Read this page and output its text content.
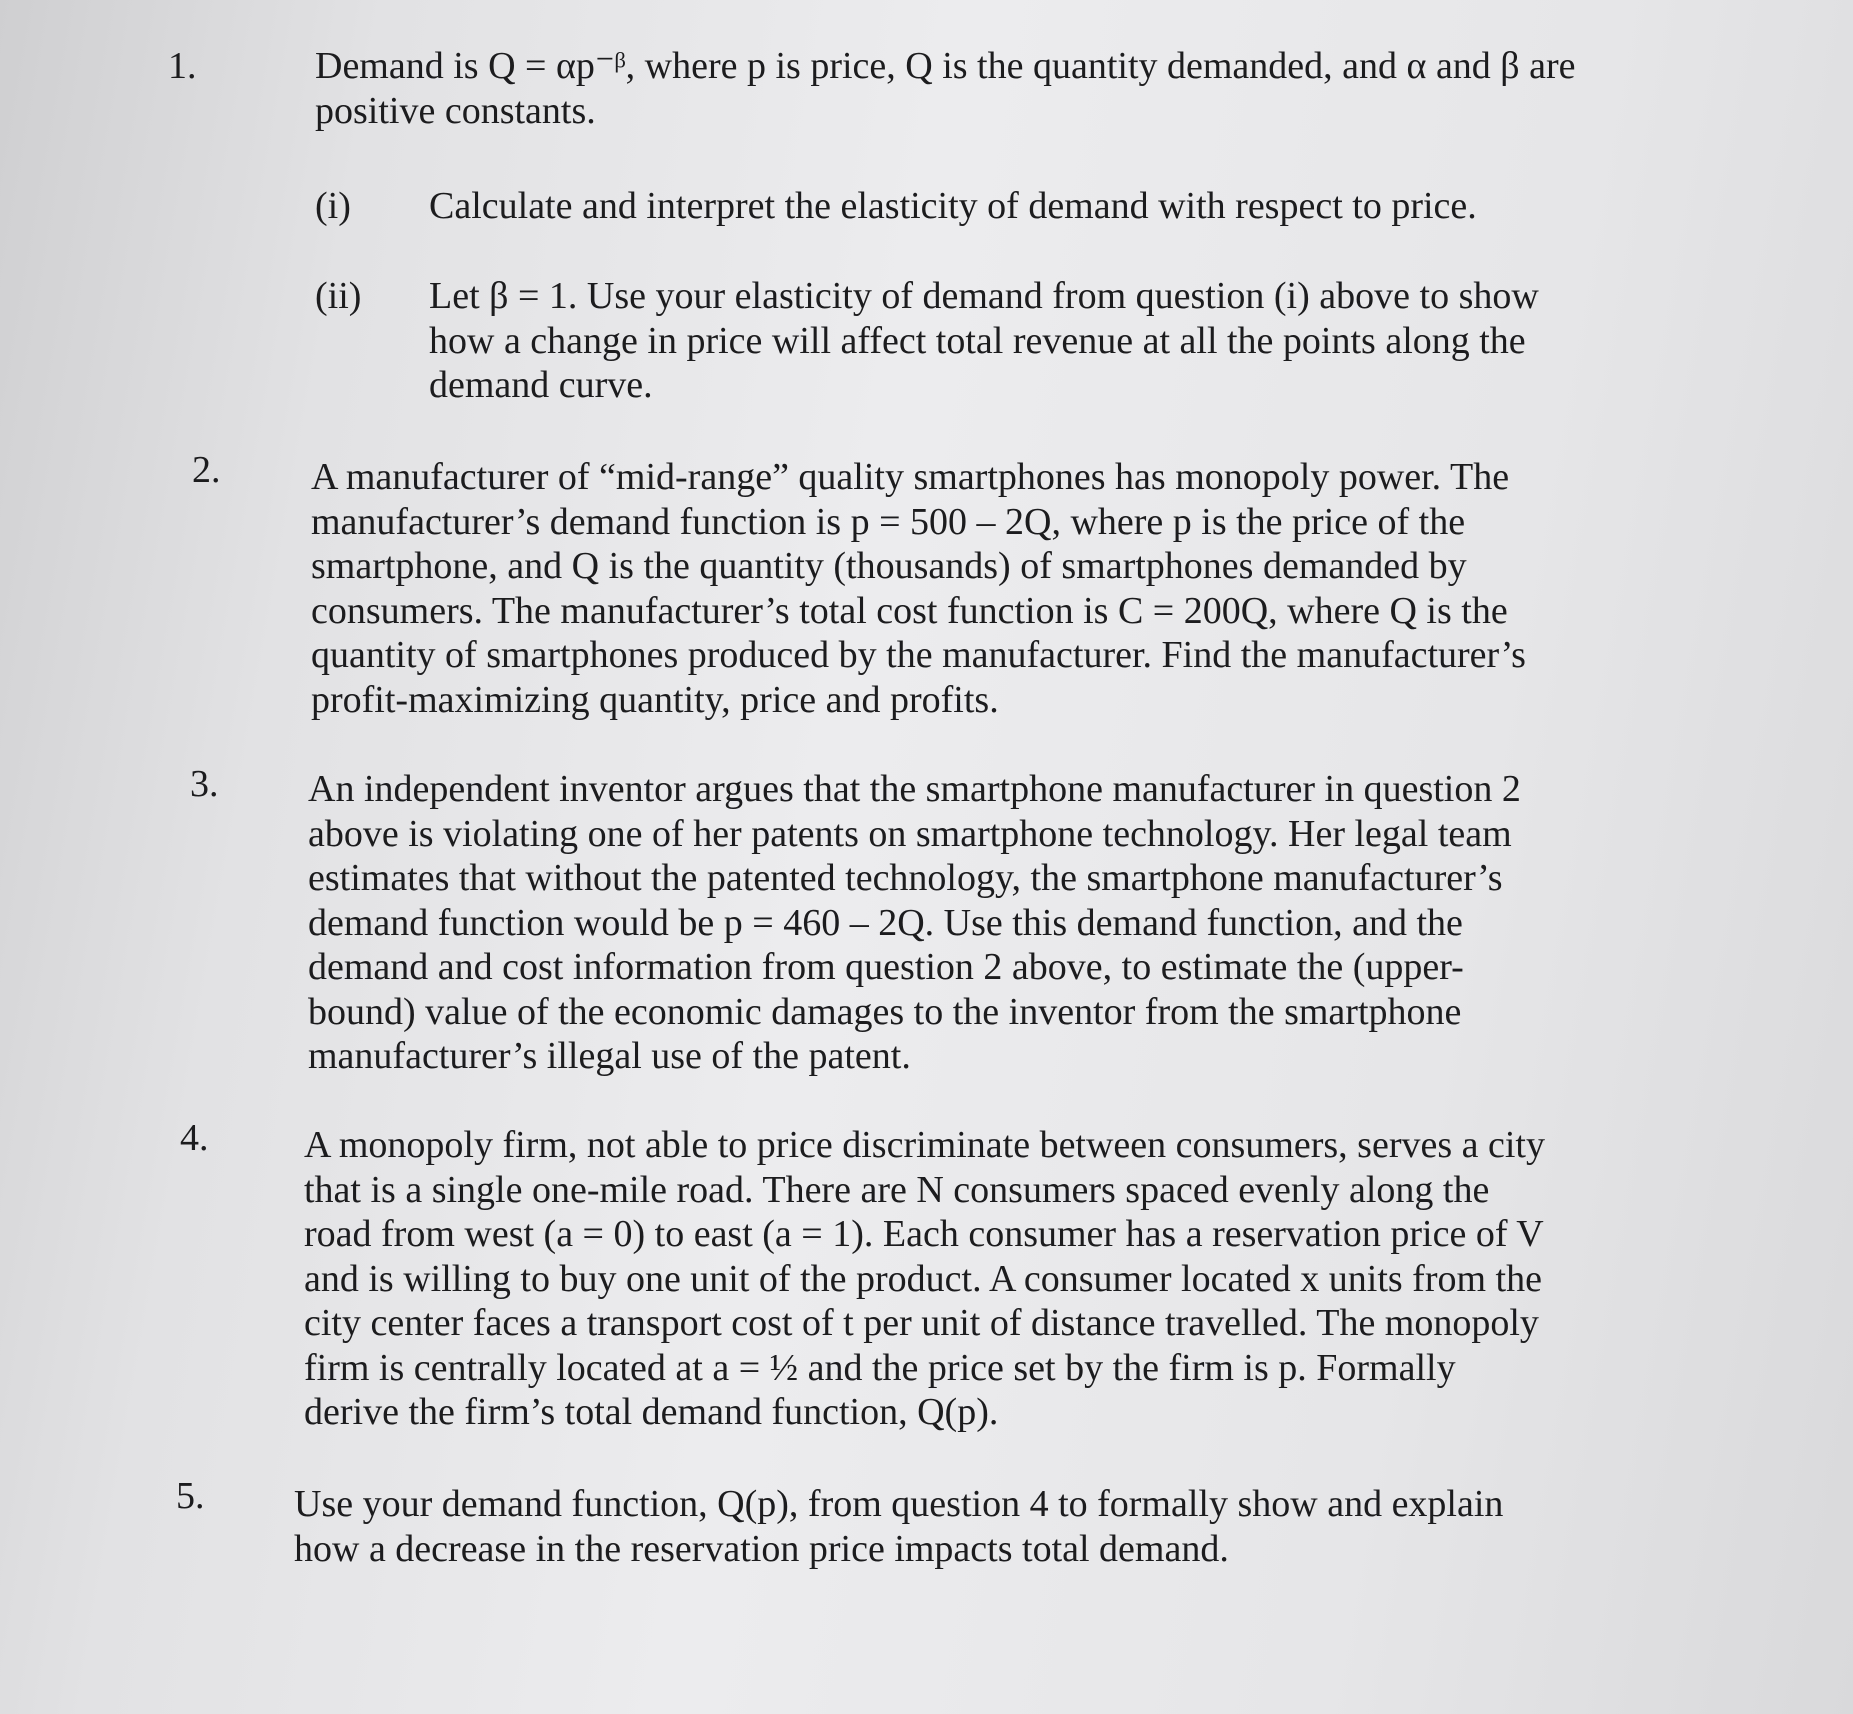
1.	Demand is Q = αp⁻ᵝ, where p is price, Q is the quantity demanded, and α and β are

positive constants.

(i) Calculate and interpret the elasticity of demand with respect to price.

(ii) Let β = 1. Use your elasticity of demand from question (i) above to show

how a change in price will affect total revenue at all the points along the

demand curve.

2. A manufacturer of “mid-range” quality smartphones has monopoly power. The

manufacturer’s demand function is p = 500 – 2Q, where p is the price of the

smartphone, and Q is the quantity (thousands) of smartphones demanded by

consumers. The manufacturer’s total cost function is C = 200Q, where Q is the

quantity of smartphones produced by the manufacturer. Find the manufacturer’s

profit-maximizing quantity, price and profits.

3. An independent inventor argues that the smartphone manufacturer in question 2

above is violating one of her patents on smartphone technology. Her legal team

estimates that without the patented technology, the smartphone manufacturer’s

demand function would be p = 460 – 2Q. Use this demand function, and the

demand and cost information from question 2 above, to estimate the (upper-

bound) value of the economic damages to the inventor from the smartphone

manufacturer’s illegal use of the patent.

4.	A monopoly firm, not able to price discriminate between consumers, serves a city

that is a single one-mile road. There are N consumers spaced evenly along the

road from west (a = 0) to east (a = 1). Each consumer has a reservation price of V

and is willing to buy one unit of the product. A consumer located x units from the

city center faces a transport cost of t per unit of distance travelled. The monopoly

firm is centrally located at a = ½ and the price set by the firm is p. Formally

derive the firm’s total demand function, Q(p).

5. Use your demand function, Q(p), from question 4 to formally show and explain

how a decrease in the reservation price impacts total demand.
